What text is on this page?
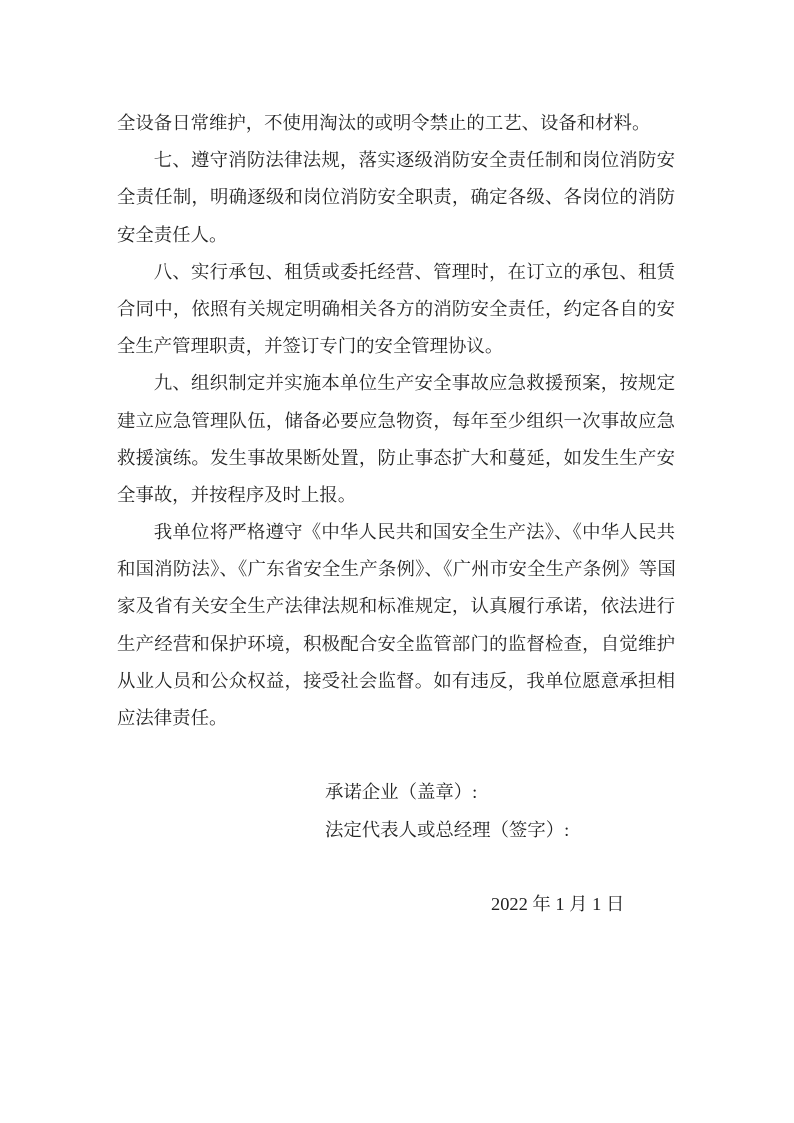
全设备日常维护，不使用淘汰的或明令禁止的工艺、设备和材料。
七、遵守消防法律法规，落实逐级消防安全责任制和岗位消防安
全责任制，明确逐级和岗位消防安全职责，确定各级、各岗位的消防
安全责任人。
八、实行承包、租赁或委托经营、管理时，在订立的承包、租赁
合同中，依照有关规定明确相关各方的消防安全责任，约定各自的安
全生产管理职责，并签订专门的安全管理协议。
九、组织制定并实施本单位生产安全事故应急救援预案，按规定
建立应急管理队伍，储备必要应急物资，每年至少组织一次事故应急
救援演练。发生事故果断处置，防止事态扩大和蔓延，如发生生产安
全事故，并按程序及时上报。
我单位将严格遵守《中华人民共和国安全生产法》、《中华人民共
和国消防法》、《广东省安全生产条例》、《广州市安全生产条例》等国
家及省有关安全生产法律法规和标准规定，认真履行承诺，依法进行
生产经营和保护环境，积极配合安全监管部门的监督检查，自觉维护
从业人员和公众权益，接受社会监督。如有违反，我单位愿意承担相
应法律责任。
承诺企业（盖章）:
法定代表人或总经理（签字）:
2022 年 1 月 1 日
